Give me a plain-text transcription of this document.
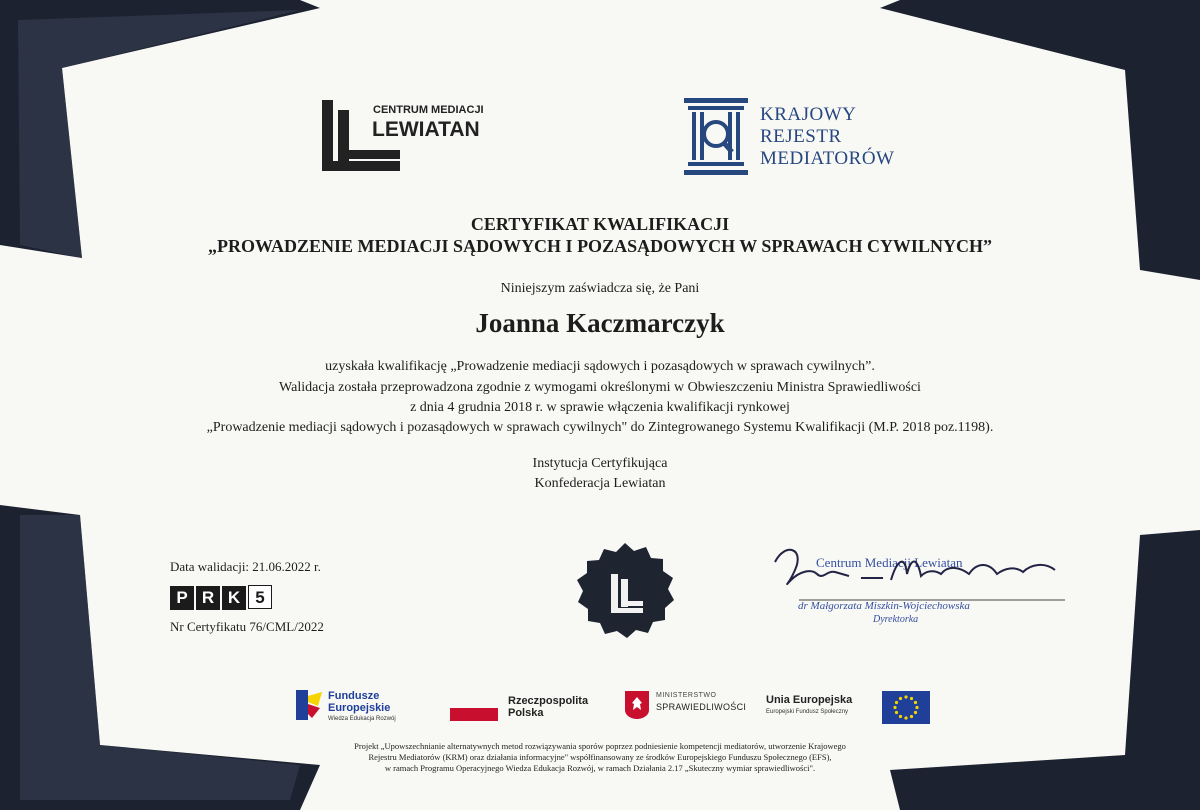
CENTRUM MEDIACJI
LEWIATAN
KRAJOWY
REJESTR
MEDIATORÓW
CERTYFIKAT KWALIFIKACJI
„PROWADZENIE MEDIACJI SĄDOWYCH I POZASĄDOWYCH W SPRAWACH CYWILNYCH”
Niniejszym zaświadcza się, że Pani
Joanna Kaczmarczyk
uzyskała kwalifikację „Prowadzenie mediacji sądowych i pozasądowych w sprawach cywilnych”.
Walidacja została przeprowadzona zgodnie z wymogami określonymi w Obwieszczeniu Ministra Sprawiedliwości
z dnia 4 grudnia 2018 r. w sprawie włączenia kwalifikacji rynkowej
„Prowadzenie mediacji sądowych i pozasądowych w sprawach cywilnych" do Zintegrowanego Systemu Kwalifikacji (M.P. 2018 poz.1198).
Instytucja Certyfikująca
Konfederacja Lewiatan
Data walidacji: 21.06.2022 r.
P R K 5
Nr Certyfikatu 76/CML/2022
Centrum Mediacji Lewiatan
dr Małgorzata Miszkin-Wojciechowska
Dyrektorka
Fundusze
Europejskie
Wiedza Edukacja Rozwój
Rzeczpospolita
Polska
MINISTERSTWO
SPRAWIEDLIWOŚCI
Unia Europejska
Europejski Fundusz Społeczny
Projekt „Upowszechnianie alternatywnych metod rozwiązywania sporów poprzez podniesienie kompetencji mediatorów, utworzenie Krajowego
Rejestru Mediatorów (KRM) oraz działania informacyjne" współfinansowany ze środków Europejskiego Funduszu Społecznego (EFS),
w ramach Programu Operacyjnego Wiedza Edukacja Rozwój, w ramach Działania 2.17 „Skuteczny wymiar sprawiedliwości".
